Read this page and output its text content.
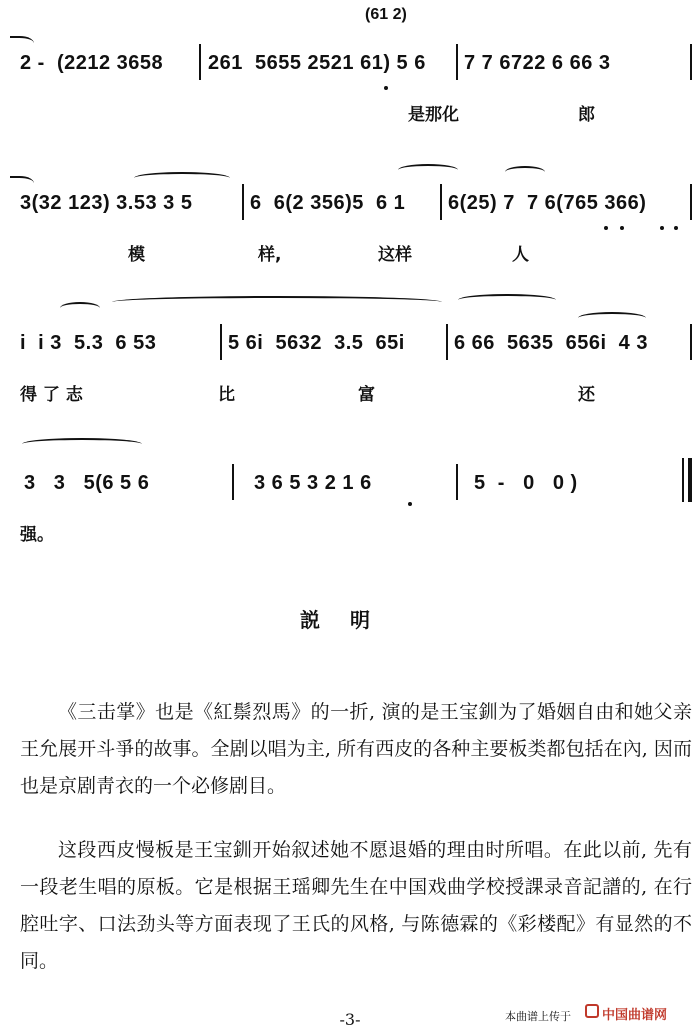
(61 2)
2 -  (2212 3658 261  5655 2521 61) 5 6 7 7 6722 6 66 3
是那化	郎
3(32 123) 3.53 3 5	6  6(2 356)5  6 1 6(25) 7  7 6(765 366)
模	样,	这样	人
i  i 3  5.3  6 53	5 6i  5632  3.5  65i 6 66  5635  656i  4 3
得 了 志	比	富	还
3   3   5(6 5 6	3 6 5 3 2 1 6	5  -   0   0 )
强。
説明

《三击掌》也是《紅鬃烈馬》的一折, 演的是王宝釧为了婚姻自由和她父亲王允展开斗爭的故事。全剧以唱为主, 所有西皮的各种主要板类都包括在內, 因而也是京剧靑衣的一个必修剧目。

这段西皮慢板是王宝釧开始叙述她不愿退婚的理由时所唱。在此以前, 先有一段老生唱的原板。它是根据王瑶卿先生在中国戏曲学校授課录音記譜的, 在行腔吐字、口法劲头等方面表现了王氏的风格, 与陈德霖的《彩楼配》有显然的不同。

-3-	本曲谱上传于 中国曲谱网
